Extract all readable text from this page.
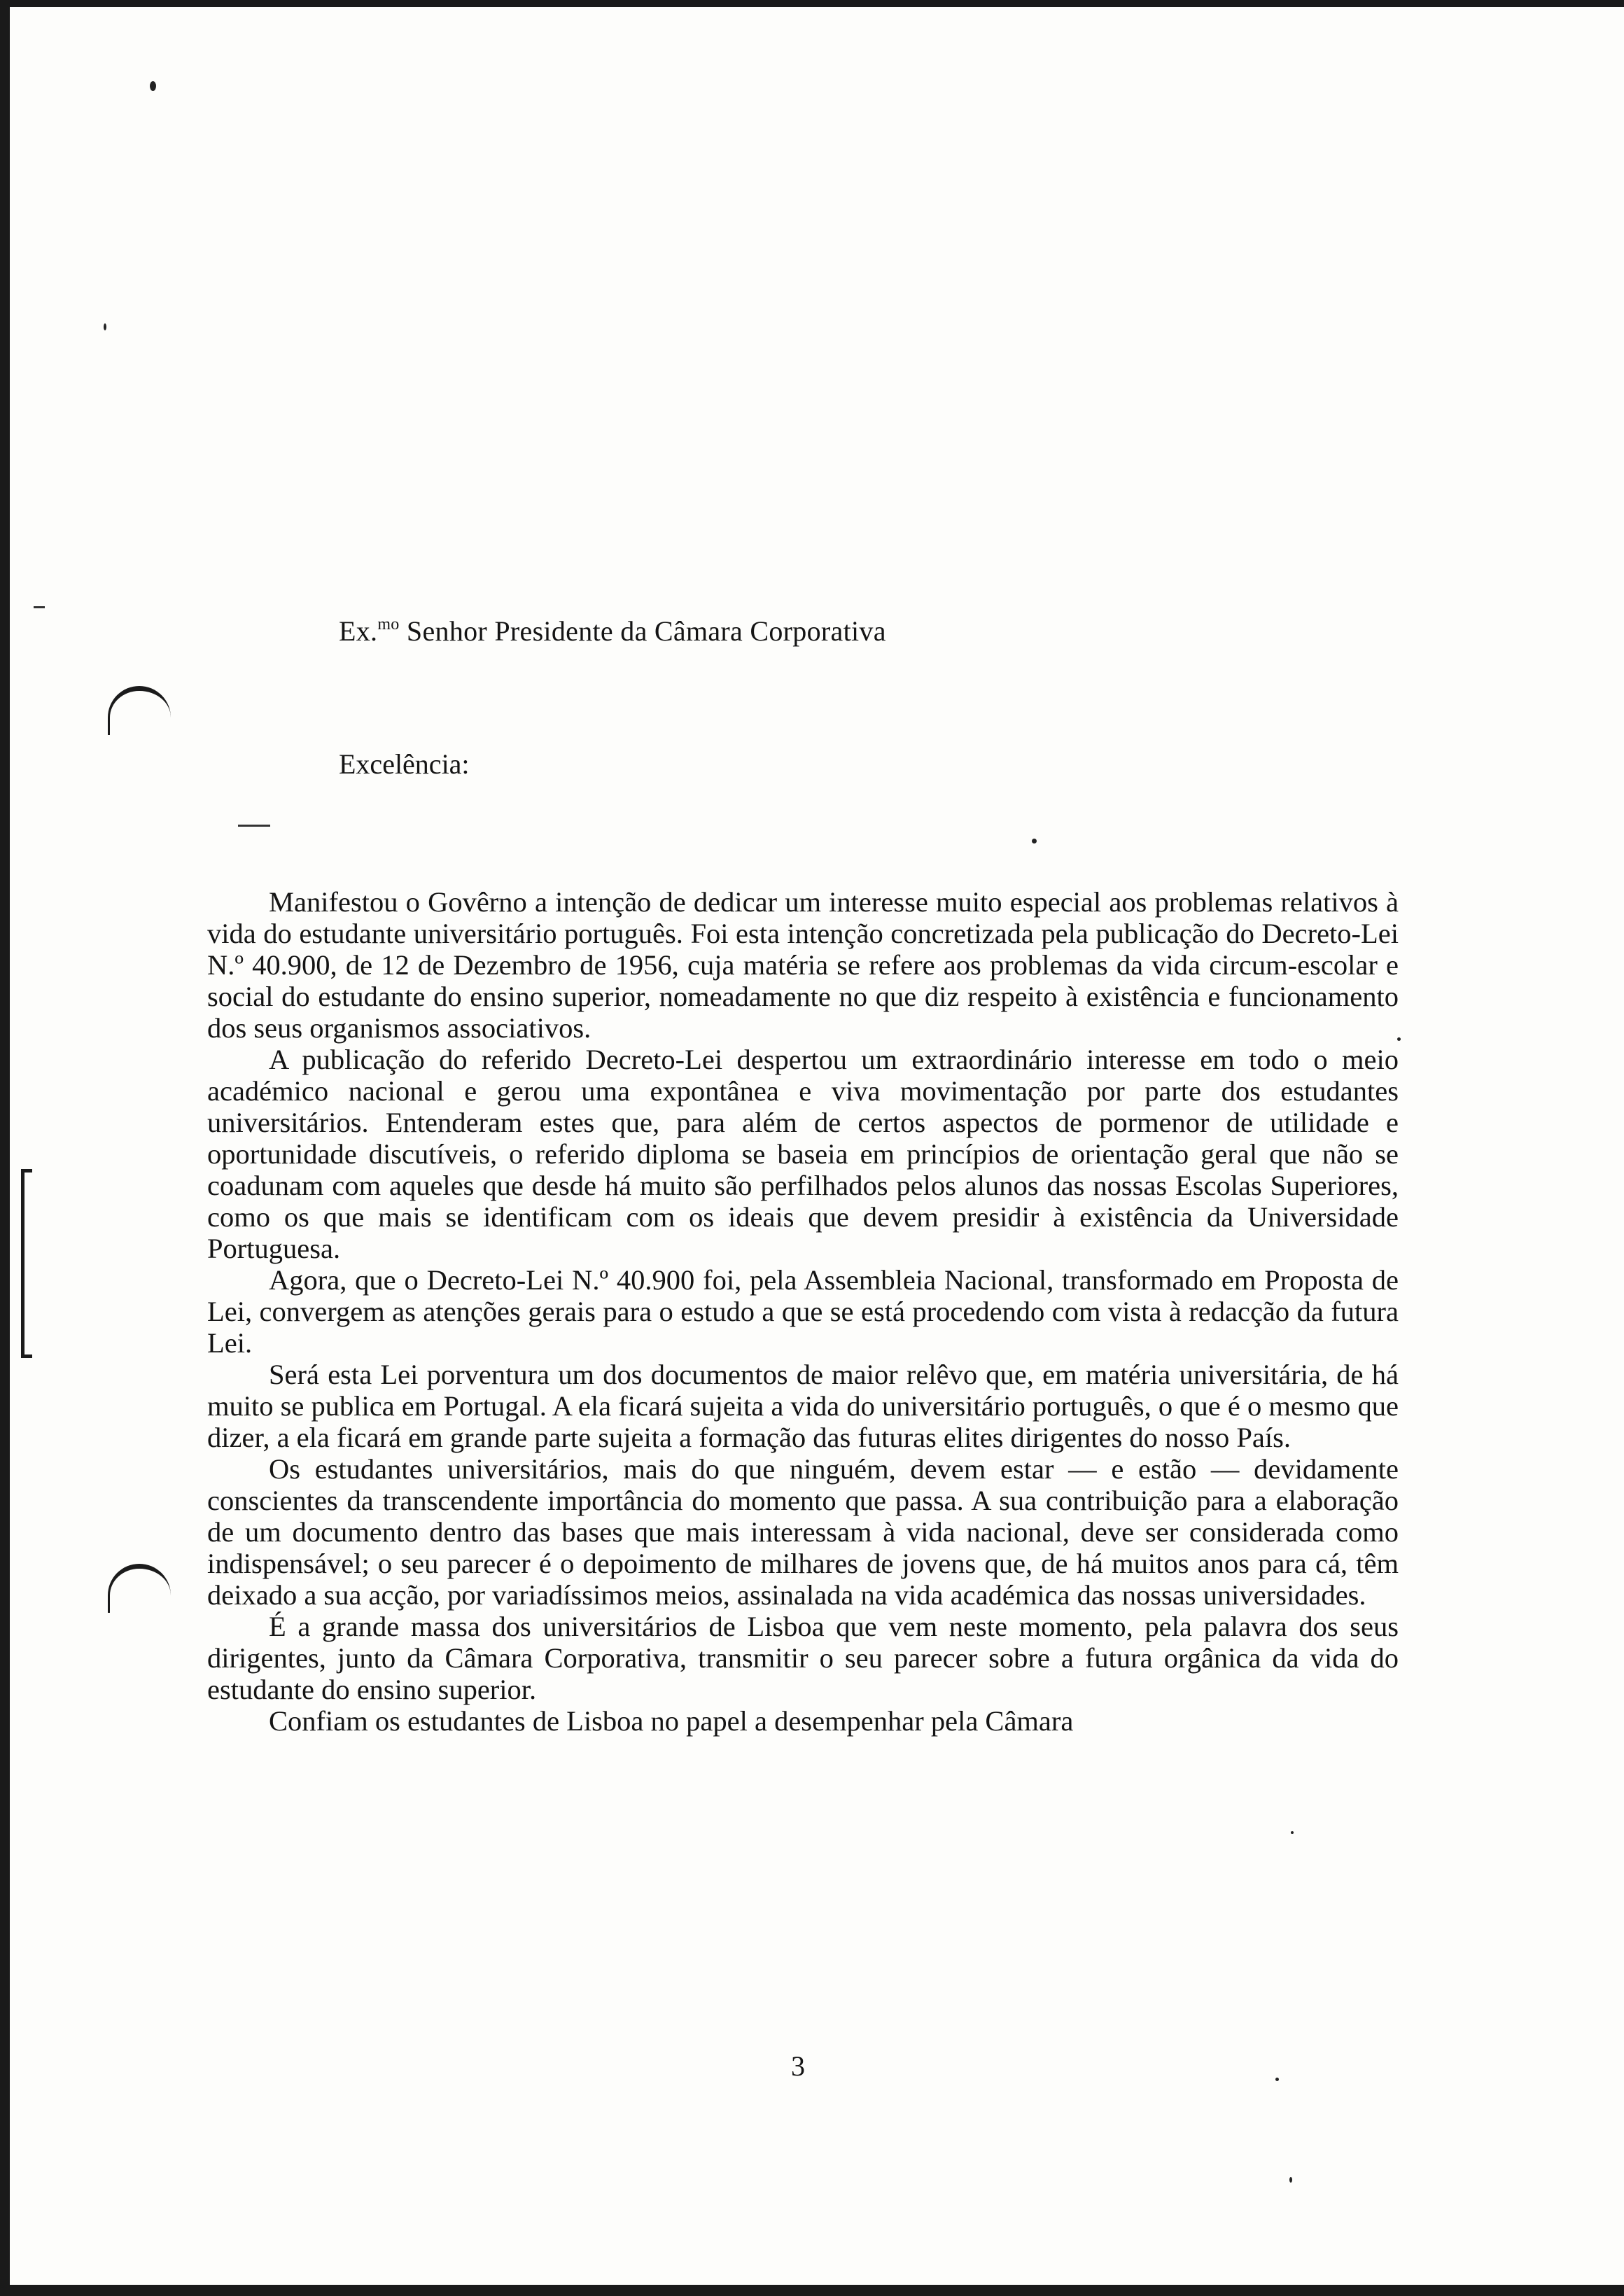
Ex.$^{mo}$ Senhor Presidente da Câmara Corporativa
Excelência:

Manifestou o Govêrno a intenção de dedicar um interesse muito especial aos problemas relativos à vida do estudante universitário português. Foi esta intenção concretizada pela publicação do Decreto-Lei N.º 40.900, de 12 de Dezembro de 1956, cuja matéria se refere aos problemas da vida circum-escolar e social do estudante do ensino superior, nomeadamente no que diz respeito à existência e funcionamento dos seus organismos associativos.

A publicação do referido Decreto-Lei despertou um extraordinário interesse em todo o meio académico nacional e gerou uma expontânea e viva movimentação por parte dos estudantes universitários. Entenderam estes que, para além de certos aspectos de pormenor de utilidade e oportunidade discutíveis, o referido diploma se baseia em princípios de orientação geral que não se coadunam com aqueles que desde há muito são perfilhados pelos alunos das nossas Escolas Superiores, como os que mais se identificam com os ideais que devem presidir à existência da Universidade Portuguesa.

Agora, que o Decreto-Lei N.º 40.900 foi, pela Assembleia Nacional, transformado em Proposta de Lei, convergem as atenções gerais para o estudo a que se está procedendo com vista à redacção da futura Lei.

Será esta Lei porventura um dos documentos de maior relêvo que, em matéria universitária, de há muito se publica em Portugal. A ela ficará sujeita a vida do universitário português, o que é o mesmo que dizer, a ela ficará em grande parte sujeita a formação das futuras elites dirigentes do nosso País.

Os estudantes universitários, mais do que ninguém, devem estar — e estão — devidamente conscientes da transcendente importância do momento que passa. A sua contribuição para a elaboração de um documento dentro das bases que mais interessam à vida nacional, deve ser considerada como indispensável; o seu parecer é o depoimento de milhares de jovens que, de há muitos anos para cá, têm deixado a sua acção, por variadíssimos meios, assinalada na vida académica das nossas universidades.

É a grande massa dos universitários de Lisboa que vem neste momento, pela palavra dos seus dirigentes, junto da Câmara Corporativa, transmitir o seu parecer sobre a futura orgânica da vida do estudante do ensino superior.

Confiam os estudantes de Lisboa no papel a desempenhar pela Câmara

3
